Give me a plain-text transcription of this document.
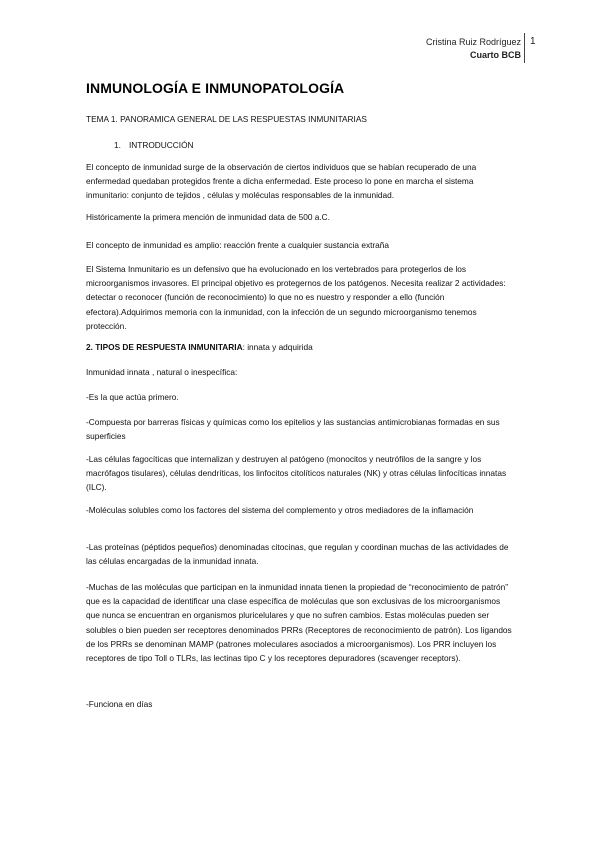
Cristina Ruiz Rodríguez
Cuarto BCB
1
INMUNOLOGÍA E INMUNOPATOLOGÍA

TEMA 1. PANORAMICA GENERAL DE LAS RESPUESTAS INMUNITARIAS

1. INTRODUCCIÓN

El concepto de inmunidad surge de la observación de ciertos individuos que se habían recuperado de una enfermedad quedaban protegidos frente a dicha enfermedad. Este proceso lo pone en marcha el sistema inmunitario: conjunto de tejidos , células y moléculas responsables de la inmunidad.

Históricamente la primera mención de inmunidad data de 500 a.C.

El concepto de inmunidad es amplio: reacción frente a cualquier sustancia extraña

El Sistema Inmunitario es un defensivo que ha evolucionado en los vertebrados para protegerlos de los microorganismos invasores. El principal objetivo es protegernos de los patógenos. Necesita realizar 2 actividades: detectar o reconocer (función de reconocimiento) lo que no es nuestro y responder a ello (función efectora).Adquirimos memoria con la inmunidad, con la infección de un segundo microorganismo tenemos protección.

2. TIPOS DE RESPUESTA INMUNITARIA: innata y adquirida

Inmunidad innata , natural o inespecífica:

-Es la que actúa primero.

-Compuesta por barreras físicas y químicas como los epitelios y las sustancias antimicrobianas formadas en sus superficies

-Las células fagocíticas que internalizan y destruyen al patógeno (monocitos y neutrófilos de la sangre y los macrófagos tisulares), células dendríticas, los linfocitos citolíticos naturales (NK) y otras células linfocíticas innatas (ILC).

-Moléculas solubles como los factores del sistema del complemento y otros mediadores de la inflamación

-Las proteínas (péptidos pequeños) denominadas citocinas, que regulan y coordinan muchas de las actividades de las células encargadas de la inmunidad innata.

-Muchas de las moléculas que participan en la inmunidad innata tienen la propiedad de “reconocimiento de patrón” que es la capacidad de identificar una clase específica de moléculas que son exclusivas de los microorganismos que nunca se encuentran en organismos pluricelulares y que no sufren cambios. Estas moléculas pueden ser solubles o bien pueden ser receptores denominados PRRs (Receptores de reconocimiento de patrón). Los ligandos de los PRRs se denominan MAMP (patrones moleculares asociados a microorganismos). Los PRR incluyen los receptores de tipo Toll o TLRs, las lectinas tipo C y los receptores depuradores (scavenger receptors).

-Funciona en días
